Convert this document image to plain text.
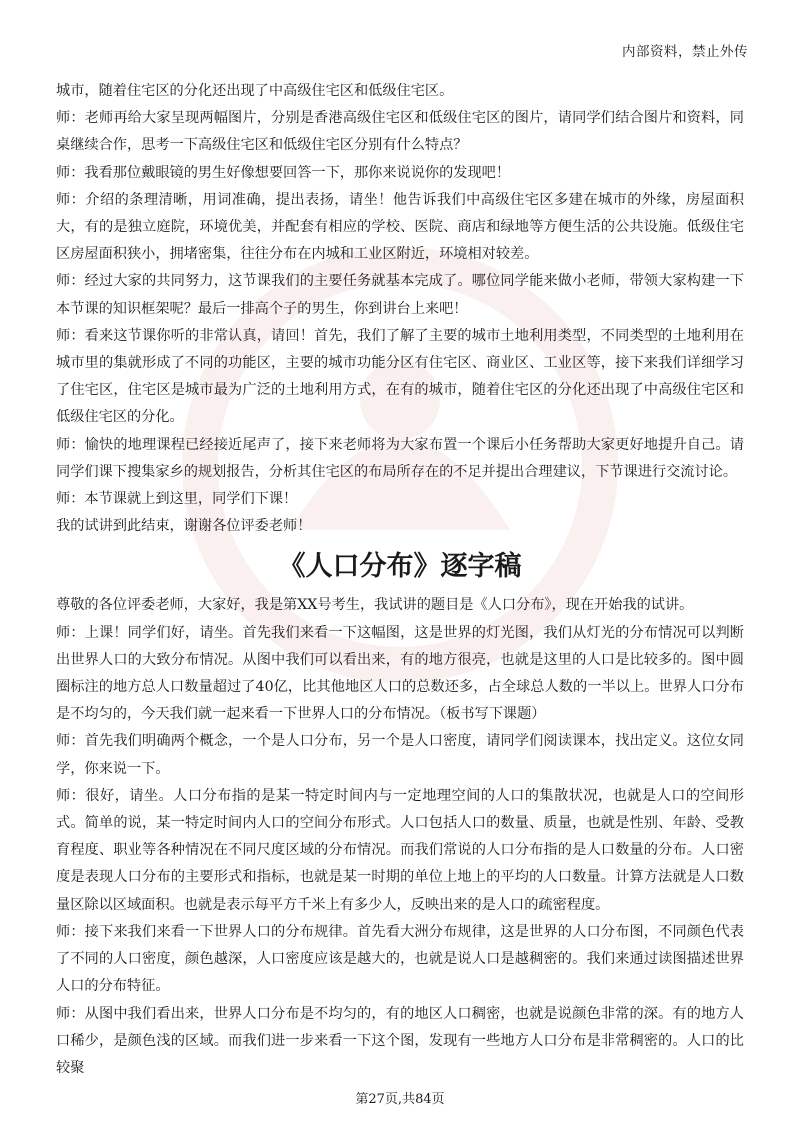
内部资料，禁止外传

城市，随着住宅区的分化还出现了中高级住宅区和低级住宅区。

师：老师再给大家呈现两幅图片，分别是香港高级住宅区和低级住宅区的图片，请同学们结合图片和资料，同桌继续合作，思考一下高级住宅区和低级住宅区分别有什么特点？

师：我看那位戴眼镜的男生好像想要回答一下，那你来说说你的发现吧！

师：介绍的条理清晰，用词准确，提出表扬，请坐！他告诉我们中高级住宅区多建在城市的外缘，房屋面积大，有的是独立庭院，环境优美，并配套有相应的学校、医院、商店和绿地等方便生活的公共设施。低级住宅区房屋面积狭小，拥堵密集，往往分布在内城和工业区附近，环境相对较差。

师：经过大家的共同努力，这节课我们的主要任务就基本完成了。哪位同学能来做小老师，带领大家构建一下本节课的知识框架呢？最后一排高个子的男生，你到讲台上来吧！

师：看来这节课你听的非常认真，请回！首先，我们了解了主要的城市土地利用类型，不同类型的土地利用在城市里的集就形成了不同的功能区，主要的城市功能分区有住宅区、商业区、工业区等，接下来我们详细学习了住宅区，住宅区是城市最为广泛的土地利用方式，在有的城市，随着住宅区的分化还出现了中高级住宅区和低级住宅区的分化。

师：愉快的地理课程已经接近尾声了，接下来老师将为大家布置一个课后小任务帮助大家更好地提升自己。请同学们课下搜集家乡的规划报告，分析其住宅区的布局所存在的不足并提出合理建议，下节课进行交流讨论。

师：本节课就上到这里，同学们下课！

我的试讲到此结束，谢谢各位评委老师！

《人口分布》逐字稿

尊敬的各位评委老师，大家好，我是第XX号考生，我试讲的题目是《人口分布》，现在开始我的试讲。

师：上课！同学们好，请坐。首先我们来看一下这幅图，这是世界的灯光图，我们从灯光的分布情况可以判断出世界人口的大致分布情况。从图中我们可以看出来，有的地方很亮，也就是这里的人口是比较多的。图中圆圈标注的地方总人口数量超过了40亿，比其他地区人口的总数还多，占全球总人数的一半以上。世界人口分布是不均匀的，今天我们就一起来看一下世界人口的分布情况。（板书写下课题）

师：首先我们明确两个概念，一个是人口分布，另一个是人口密度，请同学们阅读课本，找出定义。这位女同学，你来说一下。

师：很好，请坐。人口分布指的是某一特定时间内与一定地理空间的人口的集散状况，也就是人口的空间形式。简单的说，某一特定时间内人口的空间分布形式。人口包括人口的数量、质量，也就是性别、年龄、受教育程度、职业等各种情况在不同尺度区域的分布情况。而我们常说的人口分布指的是人口数量的分布。人口密度是表现人口分布的主要形式和指标，也就是某一时期的单位上地上的平均的人口数量。计算方法就是人口数量区除以区域面积。也就是表示每平方千米上有多少人，反映出来的是人口的疏密程度。

师：接下来我们来看一下世界人口的分布规律。首先看大洲分布规律，这是世界的人口分布图，不同颜色代表了不同的人口密度，颜色越深，人口密度应该是越大的，也就是说人口是越稠密的。我们来通过读图描述世界人口的分布特征。

师：从图中我们看出来，世界人口分布是不均匀的，有的地区人口稠密，也就是说颜色非常的深。有的地方人口稀少，是颜色浅的区域。而我们进一步来看一下这个图，发现有一些地方人口分布是非常稠密的。人口的比较聚

第27页,共84页
